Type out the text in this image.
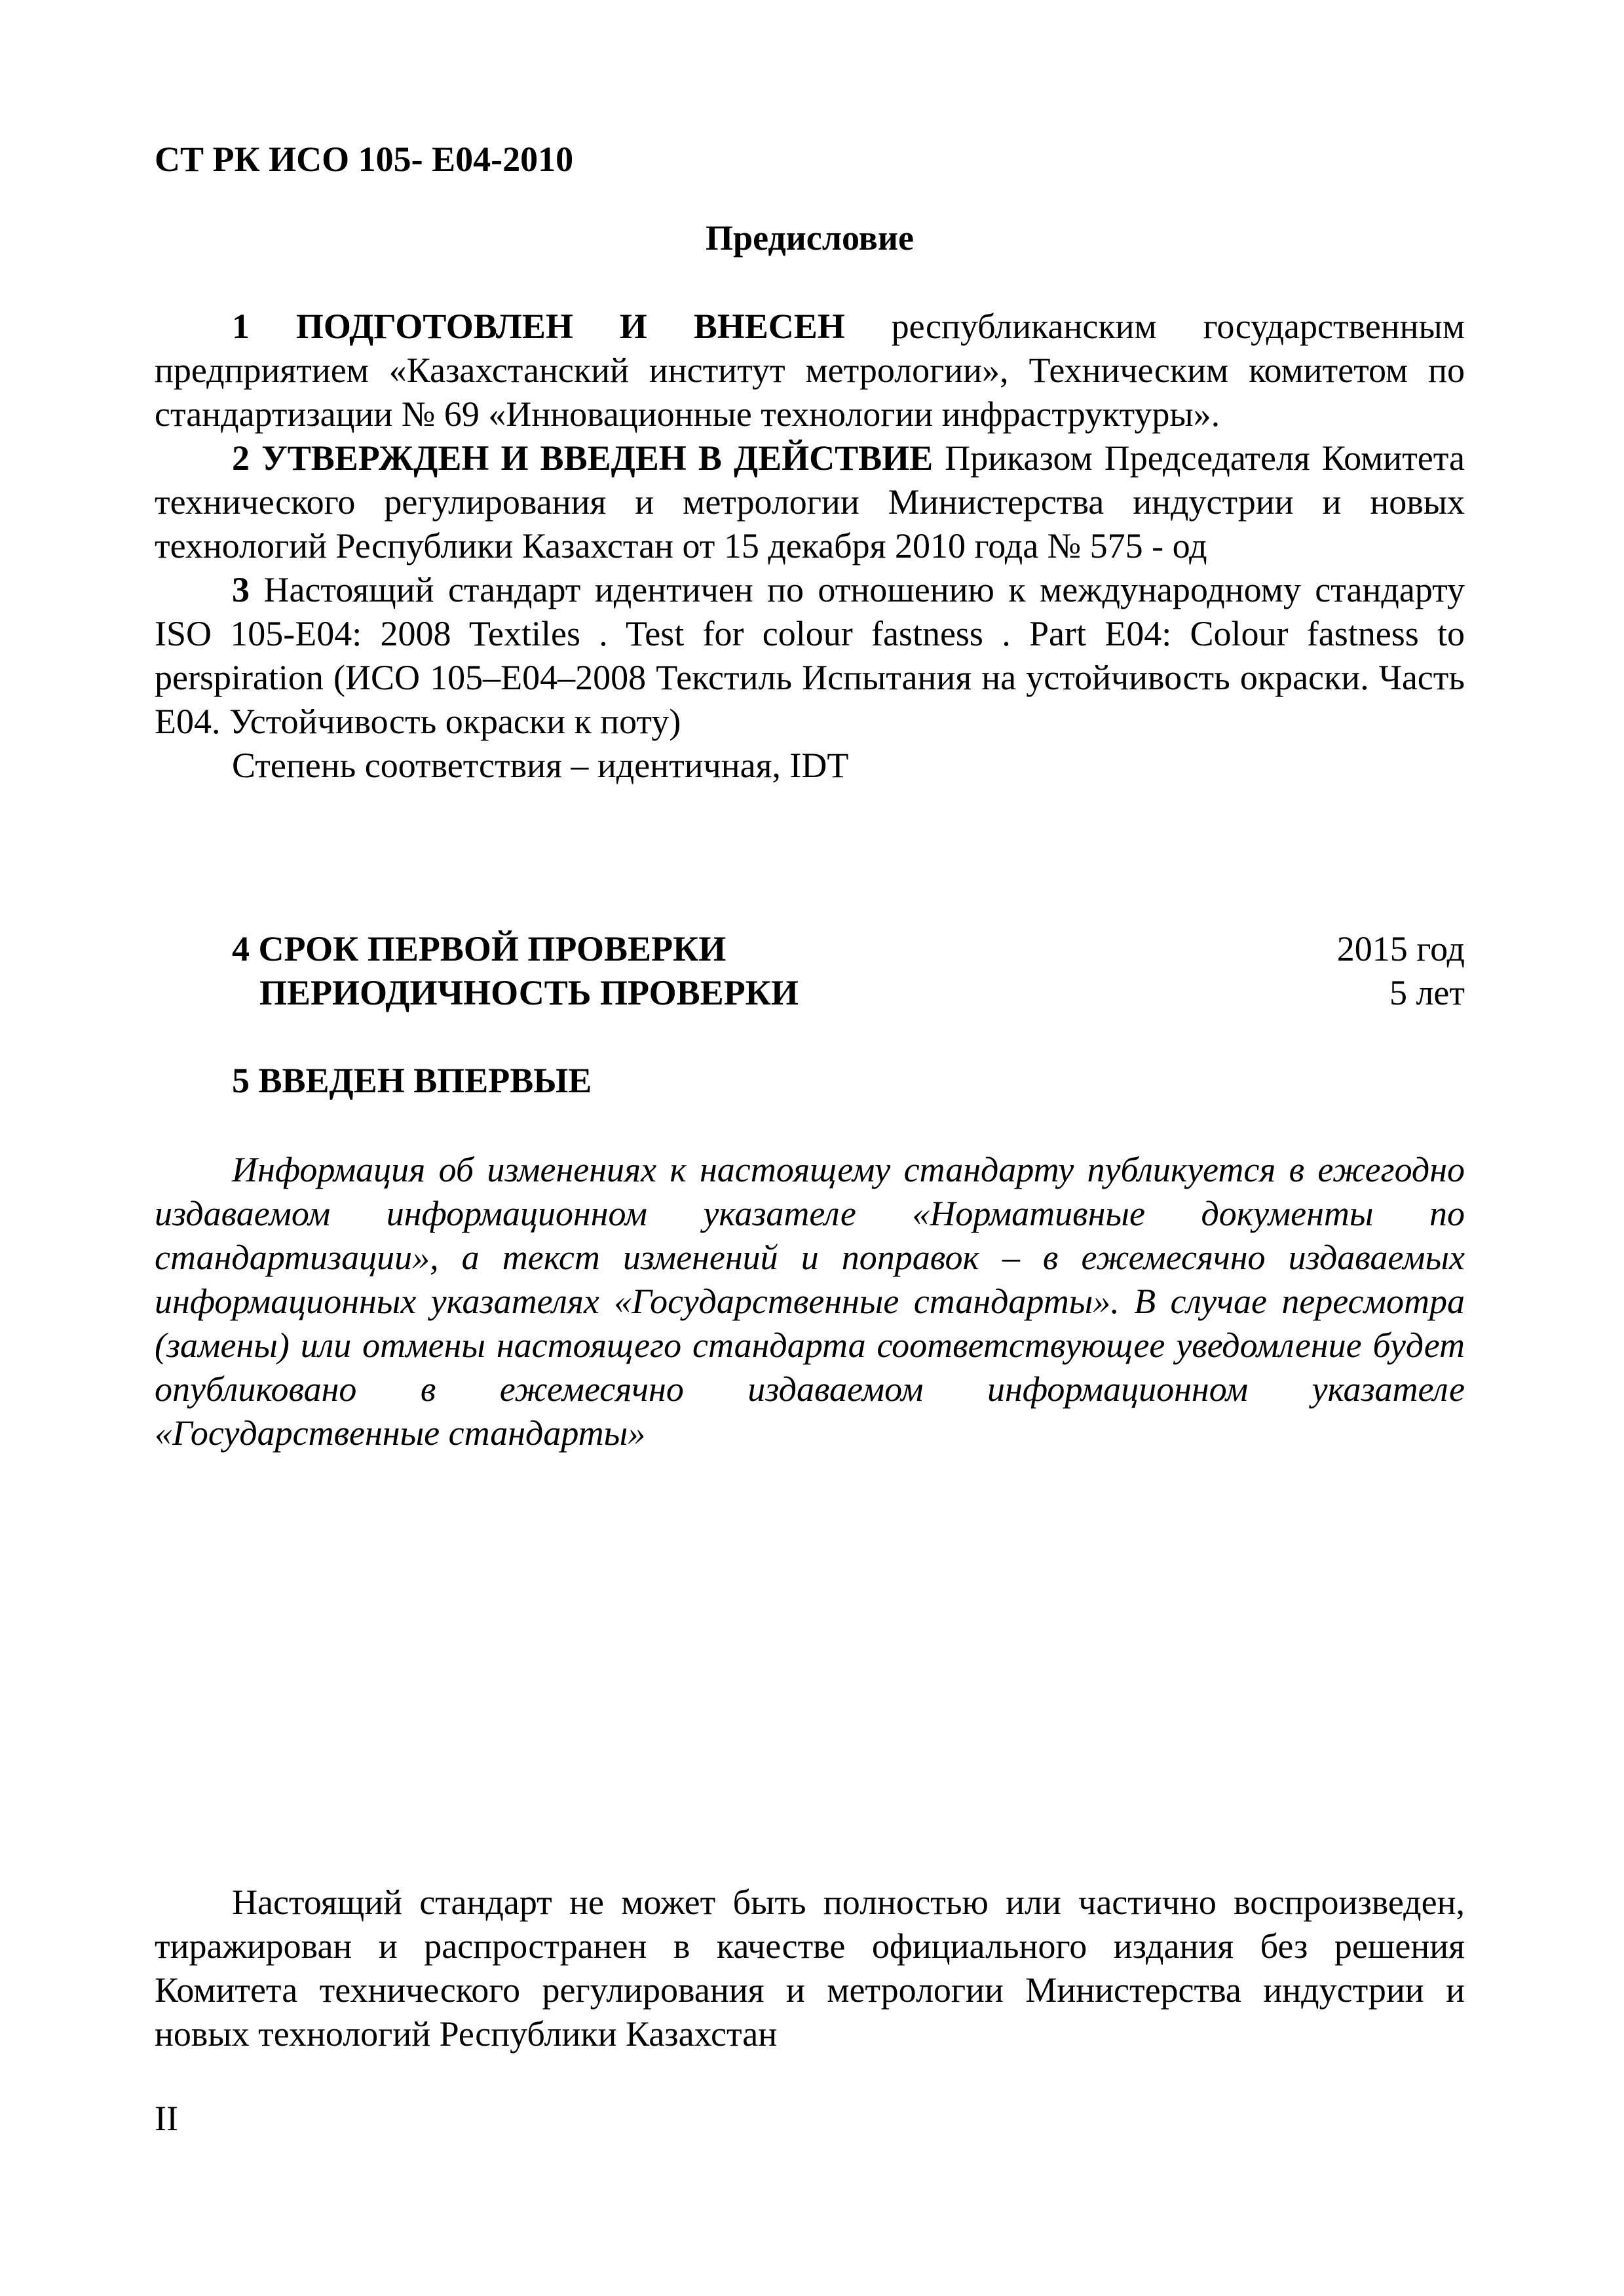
СТ РК ИСО 105- Е04-2010
Предисловие

1 ПОДГОТОВЛЕН И ВНЕСЕН республиканским государственным предприятием «Казахстанский институт метрологии», Техническим комитетом по стандартизации № 69 «Инновационные технологии инфраструктуры».

2 УТВЕРЖДЕН И ВВЕДЕН В ДЕЙСТВИЕ Приказом Председателя Комитета технического регулирования и метрологии Министерства индустрии и новых технологий Республики Казахстан от 15 декабря 2010 года № 575 - од

3 Настоящий стандарт идентичен по отношению к международному стандарту ISO 105-E04: 2008 Textiles . Test for colour fastness . Part E04: Colour fastness to perspiration (ИСО 105–Е04–2008 Текстиль Испытания на устойчивость окраски. Часть Е04. Устойчивость окраски к поту)

Степень соответствия – идентичная, IDT

4 СРОК ПЕРВОЙ ПРОВЕРКИ	2015 год
ПЕРИОДИЧНОСТЬ ПРОВЕРКИ	5 лет
5 ВВЕДЕН ВПЕРВЫЕ

Информация об изменениях к настоящему стандарту публикуется в ежегодно издаваемом информационном указателе «Нормативные документы по стандартизации», а текст изменений и поправок – в ежемесячно издаваемых информационных указателях «Государственные стандарты». В случае пересмотра (замены) или отмены настоящего стандарта соответствующее уведомление будет опубликовано в ежемесячно издаваемом информационном указателе «Государственные стандарты»

Настоящий стандарт не может быть полностью или частично воспроизведен, тиражирован и распространен в качестве официального издания без решения Комитета технического регулирования и метрологии Министерства индустрии и новых технологий Республики Казахстан

II
